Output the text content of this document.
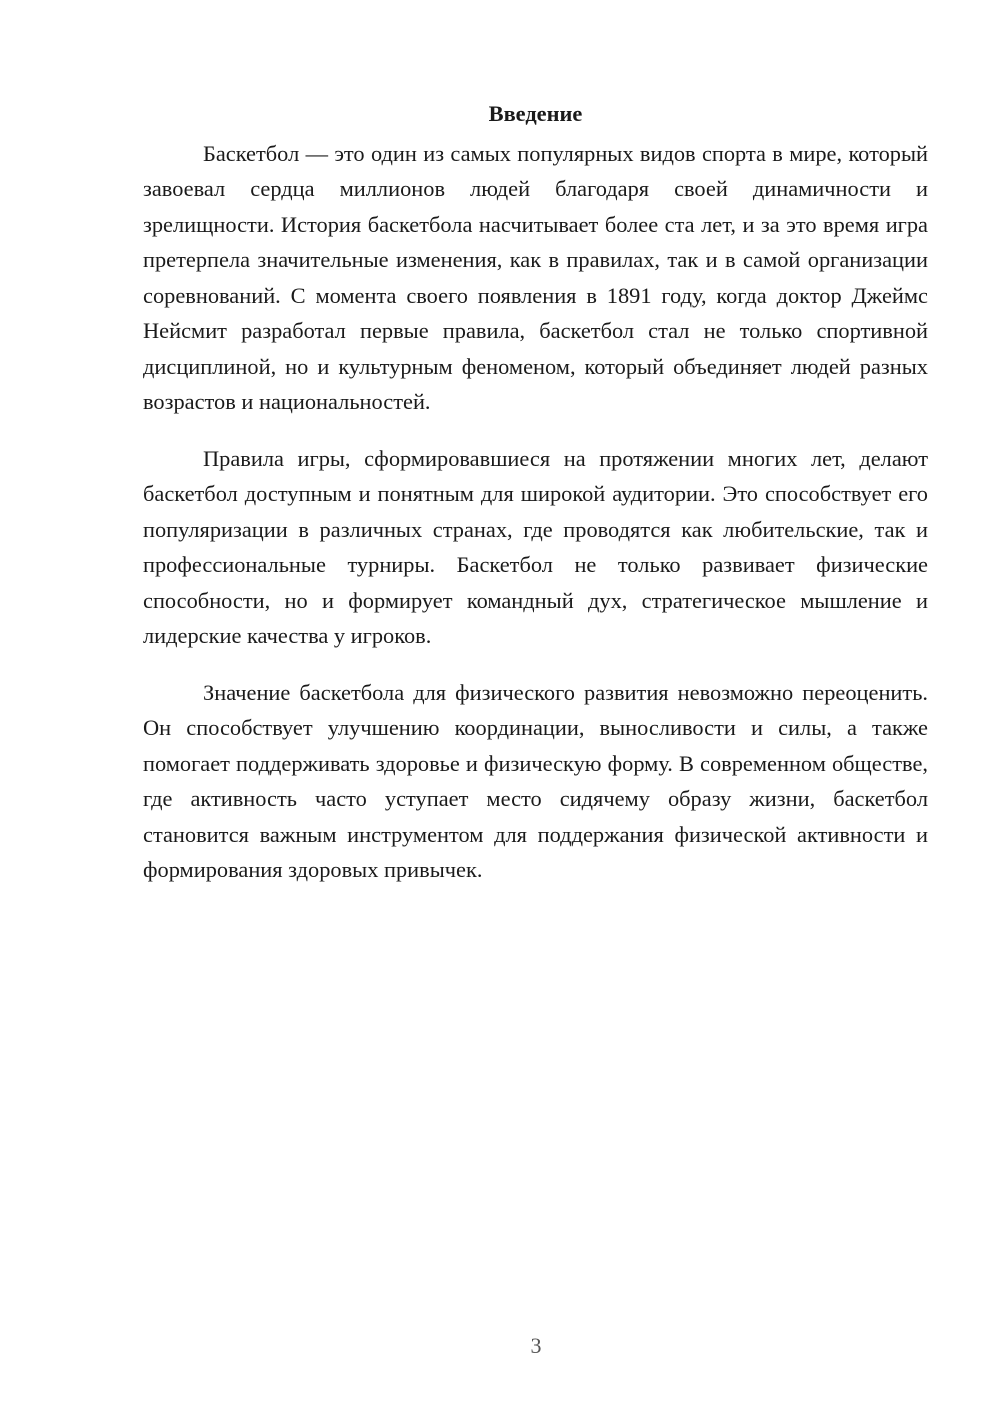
Введение

Баскетбол — это один из самых популярных видов спорта в мире, который завоевал сердца миллионов людей благодаря своей динамичности и зрелищности. История баскетбола насчитывает более ста лет, и за это время игра претерпела значительные изменения, как в правилах, так и в самой организации соревнований. С момента своего появления в 1891 году, когда доктор Джеймс Нейсмит разработал первые правила, баскетбол стал не только спортивной дисциплиной, но и культурным феноменом, который объединяет людей разных возрастов и национальностей.

Правила игры, сформировавшиеся на протяжении многих лет, делают баскетбол доступным и понятным для широкой аудитории. Это способствует его популяризации в различных странах, где проводятся как любительские, так и профессиональные турниры. Баскетбол не только развивает физические способности, но и формирует командный дух, стратегическое мышление и лидерские качества у игроков.

Значение баскетбола для физического развития невозможно переоценить. Он способствует улучшению координации, выносливости и силы, а также помогает поддерживать здоровье и физическую форму. В современном обществе, где активность часто уступает место сидячему образу жизни, баскетбол становится важным инструментом для поддержания физической активности и формирования здоровых привычек.

3
